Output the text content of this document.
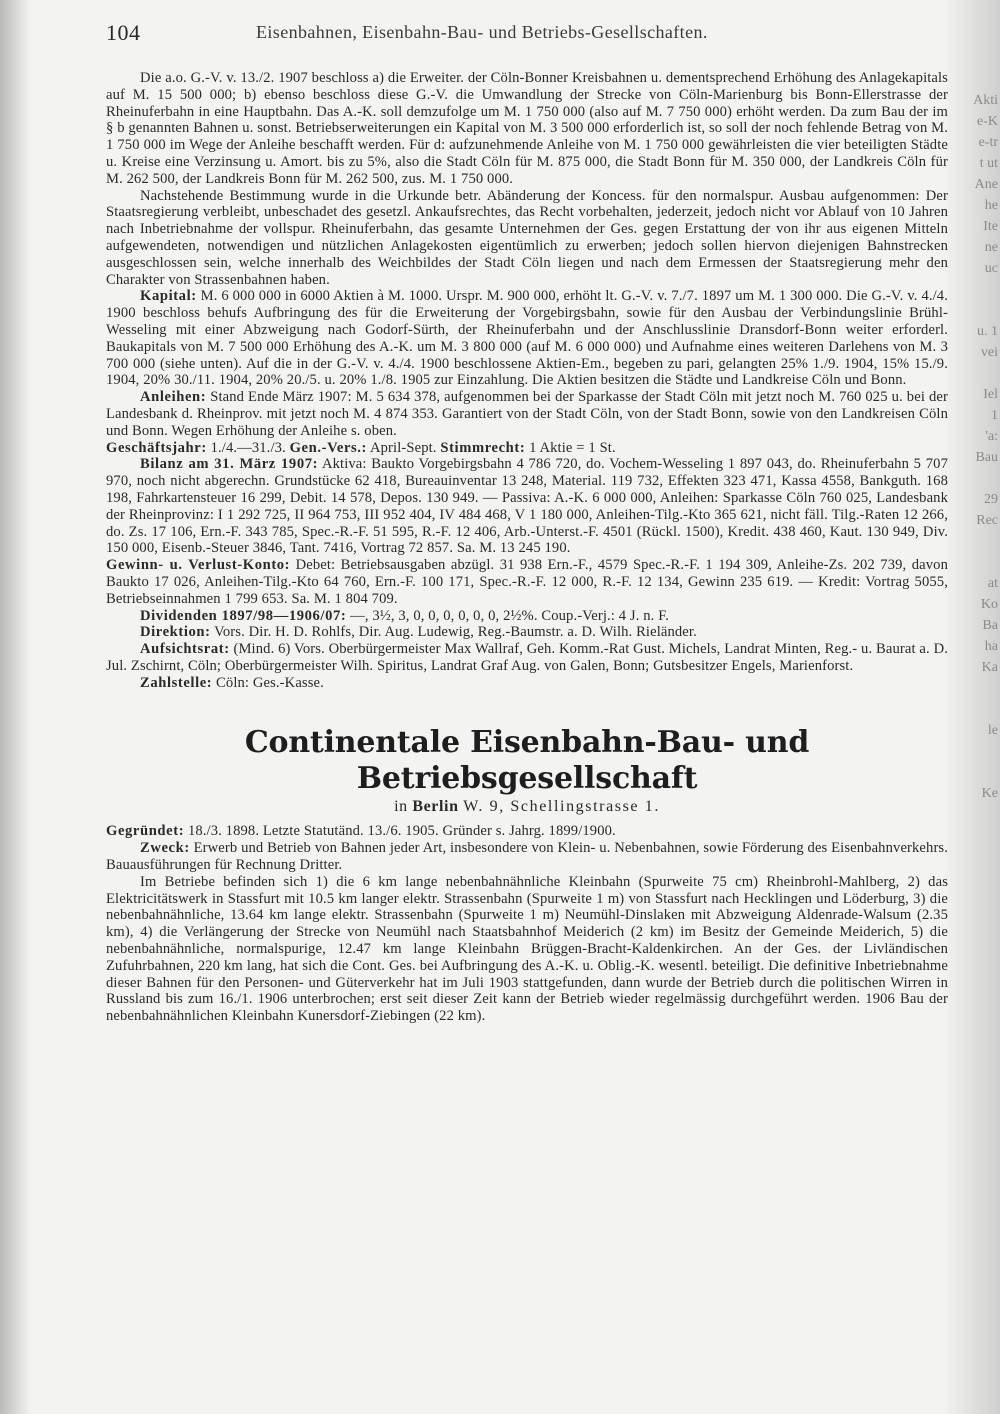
Akti
e-K
e-tr
t ut
Ane
he
Ite
ne
uc
u. 1
vei
Iel
1
'a:
Bau
29
Rec
at
Ko
Ba
ha
Ka
le
Ke
104	Eisenbahnen, Eisenbahn-Bau- und Betriebs-Gesellschaften.

Die a.o. G.-V. v. 13./2. 1907 beschloss a) die Erweiter. der Cöln-Bonner Kreisbahnen u. dementsprechend Erhöhung des Anlagekapitals auf M. 15 500 000; b) ebenso beschloss diese G.-V. die Umwandlung der Strecke von Cöln-Marienburg bis Bonn-Ellerstrasse der Rheinuferbahn in eine Hauptbahn. Das A.-K. soll demzufolge um M. 1 750 000 (also auf M. 7 750 000) erhöht werden. Da zum Bau der im § b genannten Bahnen u. sonst. Betriebserweiterungen ein Kapital von M. 3 500 000 erforderlich ist, so soll der noch fehlende Betrag von M. 1 750 000 im Wege der Anleihe beschafft werden. Für d: aufzunehmende Anleihe von M. 1 750 000 gewährleisten die vier beteiligten Städte u. Kreise eine Verzinsung u. Amort. bis zu 5%, also die Stadt Cöln für M. 875 000, die Stadt Bonn für M. 350 000, der Landkreis Cöln für M. 262 500, der Landkreis Bonn für M. 262 500, zus. M. 1 750 000.

Nachstehende Bestimmung wurde in die Urkunde betr. Abänderung der Koncess. für den normalspur. Ausbau aufgenommen: Der Staatsregierung verbleibt, unbeschadet des gesetzl. Ankaufsrechtes, das Recht vorbehalten, jederzeit, jedoch nicht vor Ablauf von 10 Jahren nach Inbetriebnahme der vollspur. Rheinuferbahn, das gesamte Unternehmen der Ges. gegen Erstattung der von ihr aus eigenen Mitteln aufgewendeten, notwendigen und nützlichen Anlagekosten eigentümlich zu erwerben; jedoch sollen hiervon diejenigen Bahnstrecken ausgeschlossen sein, welche innerhalb des Weichbildes der Stadt Cöln liegen und nach dem Ermessen der Staatsregierung mehr den Charakter von Strassenbahnen haben.

Kapital: M. 6 000 000 in 6000 Aktien à M. 1000. Urspr. M. 900 000, erhöht lt. G.-V. v. 7./7. 1897 um M. 1 300 000. Die G.-V. v. 4./4. 1900 beschloss behufs Aufbringung des für die Erweiterung der Vorgebirgsbahn, sowie für den Ausbau der Verbindungslinie Brühl-Wesseling mit einer Abzweigung nach Godorf-Sürth, der Rheinuferbahn und der Anschlusslinie Dransdorf-Bonn weiter erforderl. Baukapitals von M. 7 500 000 Erhöhung des A.-K. um M. 3 800 000 (auf M. 6 000 000) und Aufnahme eines weiteren Darlehens von M. 3 700 000 (siehe unten). Auf die in der G.-V. v. 4./4. 1900 beschlossene Aktien-Em., begeben zu pari, gelangten 25% 1./9. 1904, 15% 15./9. 1904, 20% 30./11. 1904, 20% 20./5. u. 20% 1./8. 1905 zur Einzahlung. Die Aktien besitzen die Städte und Landkreise Cöln und Bonn.

Anleihen: Stand Ende März 1907: M. 5 634 378, aufgenommen bei der Sparkasse der Stadt Cöln mit jetzt noch M. 760 025 u. bei der Landesbank d. Rheinprov. mit jetzt noch M. 4 874 353. Garantiert von der Stadt Cöln, von der Stadt Bonn, sowie von den Landkreisen Cöln und Bonn. Wegen Erhöhung der Anleihe s. oben.

Geschäftsjahr: 1./4.—31./3. Gen.-Vers.: April-Sept. Stimmrecht: 1 Aktie = 1 St.

Bilanz am 31. März 1907: Aktiva: Baukto Vorgebirgsbahn 4 786 720, do. Vochem-Wesseling 1 897 043, do. Rheinuferbahn 5 707 970, noch nicht abgerechn. Grundstücke 62 418, Bureauinventar 13 248, Material. 119 732, Effekten 323 471, Kassa 4558, Bankguth. 168 198, Fahrkartensteuer 16 299, Debit. 14 578, Depos. 130 949. — Passiva: A.-K. 6 000 000, Anleihen: Sparkasse Cöln 760 025, Landesbank der Rheinprovinz: I 1 292 725, II 964 753, III 952 404, IV 484 468, V 1 180 000, Anleihen-Tilg.-Kto 365 621, nicht fäll. Tilg.-Raten 12 266, do. Zs. 17 106, Ern.-F. 343 785, Spec.-R.-F. 51 595, R.-F. 12 406, Arb.-Unterst.-F. 4501 (Rückl. 1500), Kredit. 438 460, Kaut. 130 949, Div. 150 000, Eisenb.-Steuer 3846, Tant. 7416, Vortrag 72 857. Sa. M. 13 245 190.

Gewinn- u. Verlust-Konto: Debet: Betriebsausgaben abzügl. 31 938 Ern.-F., 4579 Spec.-R.-F. 1 194 309, Anleihe-Zs. 202 739, davon Baukto 17 026, Anleihen-Tilg.-Kto 64 760, Ern.-F. 100 171, Spec.-R.-F. 12 000, R.-F. 12 134, Gewinn 235 619. — Kredit: Vortrag 5055, Betriebseinnahmen 1 799 653. Sa. M. 1 804 709.

Dividenden 1897/98—1906/07: —, 3½, 3, 0, 0, 0, 0, 0, 0, 2½%. Coup.-Verj.: 4 J. n. F.

Direktion: Vors. Dir. H. D. Rohlfs, Dir. Aug. Ludewig, Reg.-Baumstr. a. D. Wilh. Rieländer.

Aufsichtsrat: (Mind. 6) Vors. Oberbürgermeister Max Wallraf, Geh. Komm.-Rat Gust. Michels, Landrat Minten, Reg.- u. Baurat a. D. Jul. Zschirnt, Cöln; Oberbürgermeister Wilh. Spiritus, Landrat Graf Aug. von Galen, Bonn; Gutsbesitzer Engels, Marienforst.

Zahlstelle: Cöln: Ges.-Kasse.

Continentale Eisenbahn-Bau- und Betriebsgesellschaft
in Berlin W. 9, Schellingstrasse 1.

Gegründet: 18./3. 1898. Letzte Statutänd. 13./6. 1905. Gründer s. Jahrg. 1899/1900.

Zweck: Erwerb und Betrieb von Bahnen jeder Art, insbesondere von Klein- u. Nebenbahnen, sowie Förderung des Eisenbahnverkehrs. Bauausführungen für Rechnung Dritter.

Im Betriebe befinden sich 1) die 6 km lange nebenbahnähnliche Kleinbahn (Spurweite 75 cm) Rheinbrohl-Mahlberg, 2) das Elektricitätswerk in Stassfurt mit 10.5 km langer elektr. Strassenbahn (Spurweite 1 m) von Stassfurt nach Hecklingen und Löderburg, 3) die nebenbahnähnliche, 13.64 km lange elektr. Strassenbahn (Spurweite 1 m) Neumühl-Dinslaken mit Abzweigung Aldenrade-Walsum (2.35 km), 4) die Verlängerung der Strecke von Neumühl nach Staatsbahnhof Meiderich (2 km) im Besitz der Gemeinde Meiderich, 5) die nebenbahnähnliche, normalspurige, 12.47 km lange Kleinbahn Brüggen-Bracht-Kaldenkirchen. An der Ges. der Livländischen Zufuhrbahnen, 220 km lang, hat sich die Cont. Ges. bei Aufbringung des A.-K. u. Oblig.-K. wesentl. beteiligt. Die definitive Inbetriebnahme dieser Bahnen für den Personen- und Güterverkehr hat im Juli 1903 stattgefunden, dann wurde der Betrieb durch die politischen Wirren in Russland bis zum 16./1. 1906 unterbrochen; erst seit dieser Zeit kann der Betrieb wieder regelmässig durchgeführt werden. 1906 Bau der nebenbahnähnlichen Kleinbahn Kunersdorf-Ziebingen (22 km).
